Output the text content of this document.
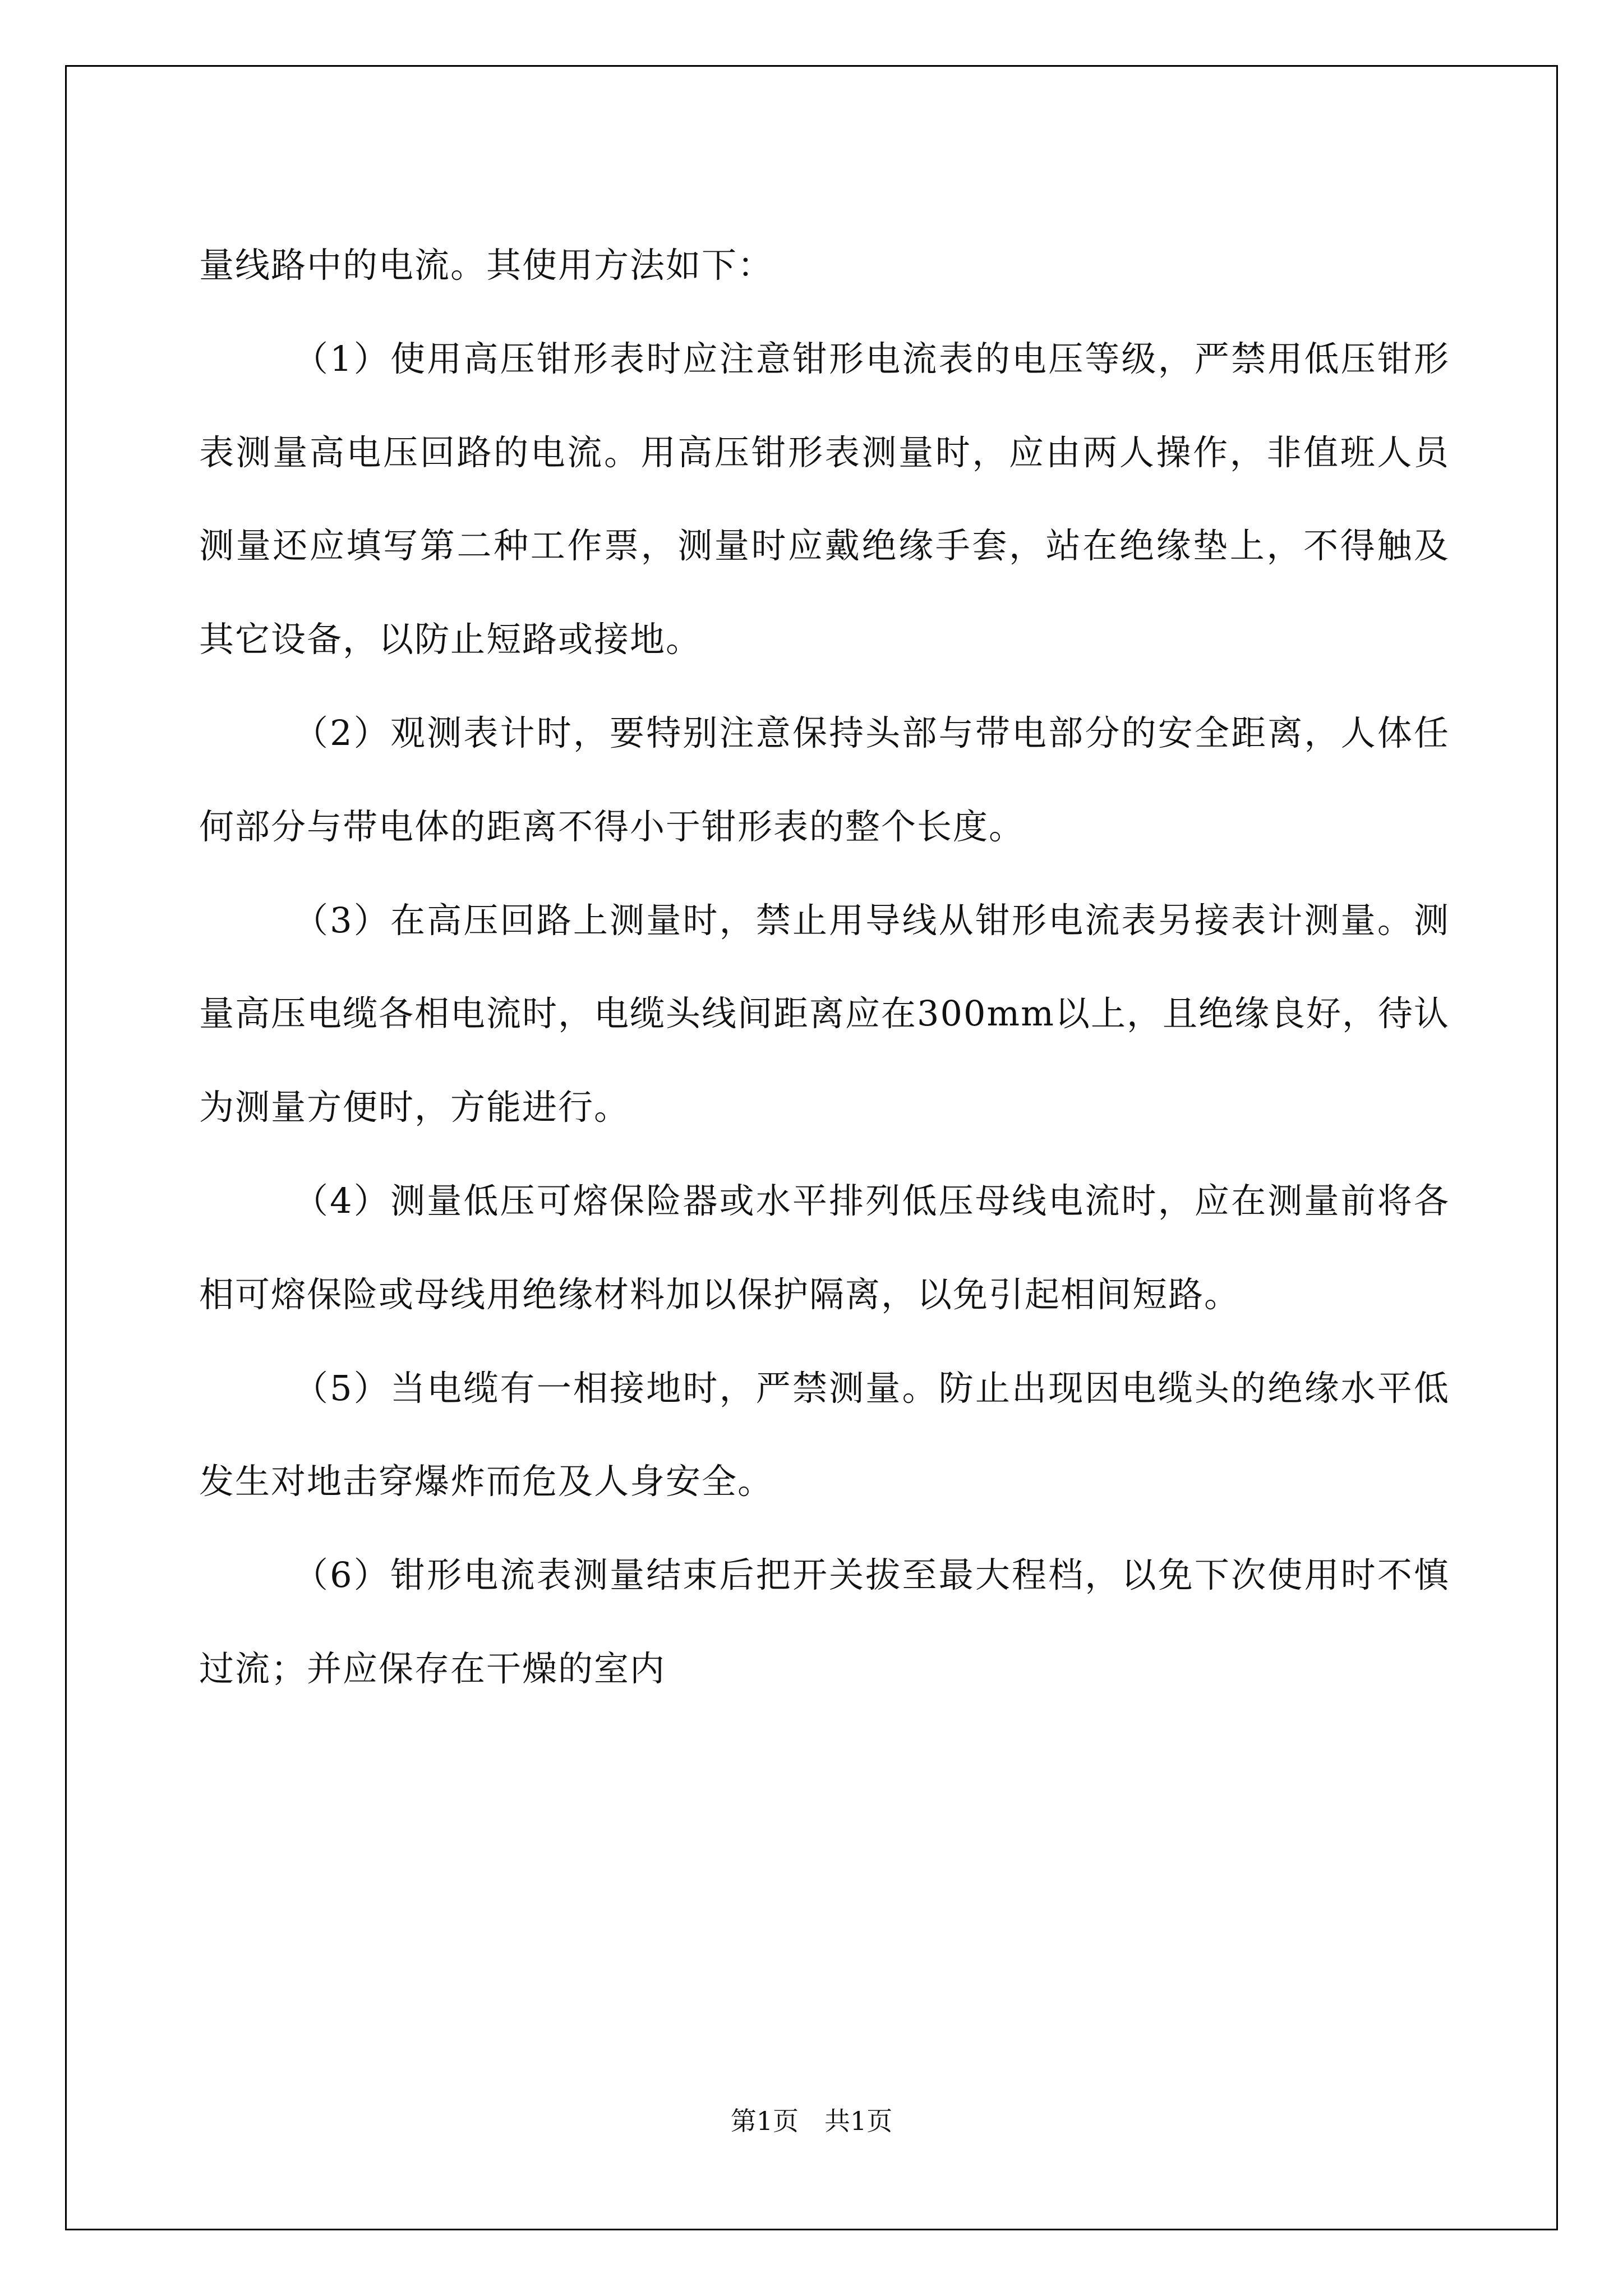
量线路中的电流。其使用方法如下：

（1）使用高压钳形表时应注意钳形电流表的电压等级，严禁用低压钳形表测量高电压回路的电流。用高压钳形表测量时，应由两人操作，非值班人员测量还应填写第二种工作票，测量时应戴绝缘手套，站在绝缘垫上，不得触及其它设备，以防止短路或接地。

（2）观测表计时，要特别注意保持头部与带电部分的安全距离，人体任何部分与带电体的距离不得小于钳形表的整个长度。

（3）在高压回路上测量时，禁止用导线从钳形电流表另接表计测量。测量高压电缆各相电流时，电缆头线间距离应在300mm以上，且绝缘良好，待认为测量方便时，方能进行。

（4）测量低压可熔保险器或水平排列低压母线电流时，应在测量前将各相可熔保险或母线用绝缘材料加以保护隔离，以免引起相间短路。

（5）当电缆有一相接地时，严禁测量。防止出现因电缆头的绝缘水平低发生对地击穿爆炸而危及人身安全。

（6）钳形电流表测量结束后把开关拔至最大程档，以免下次使用时不慎过流；并应保存在干燥的室内

第1页　共1页
